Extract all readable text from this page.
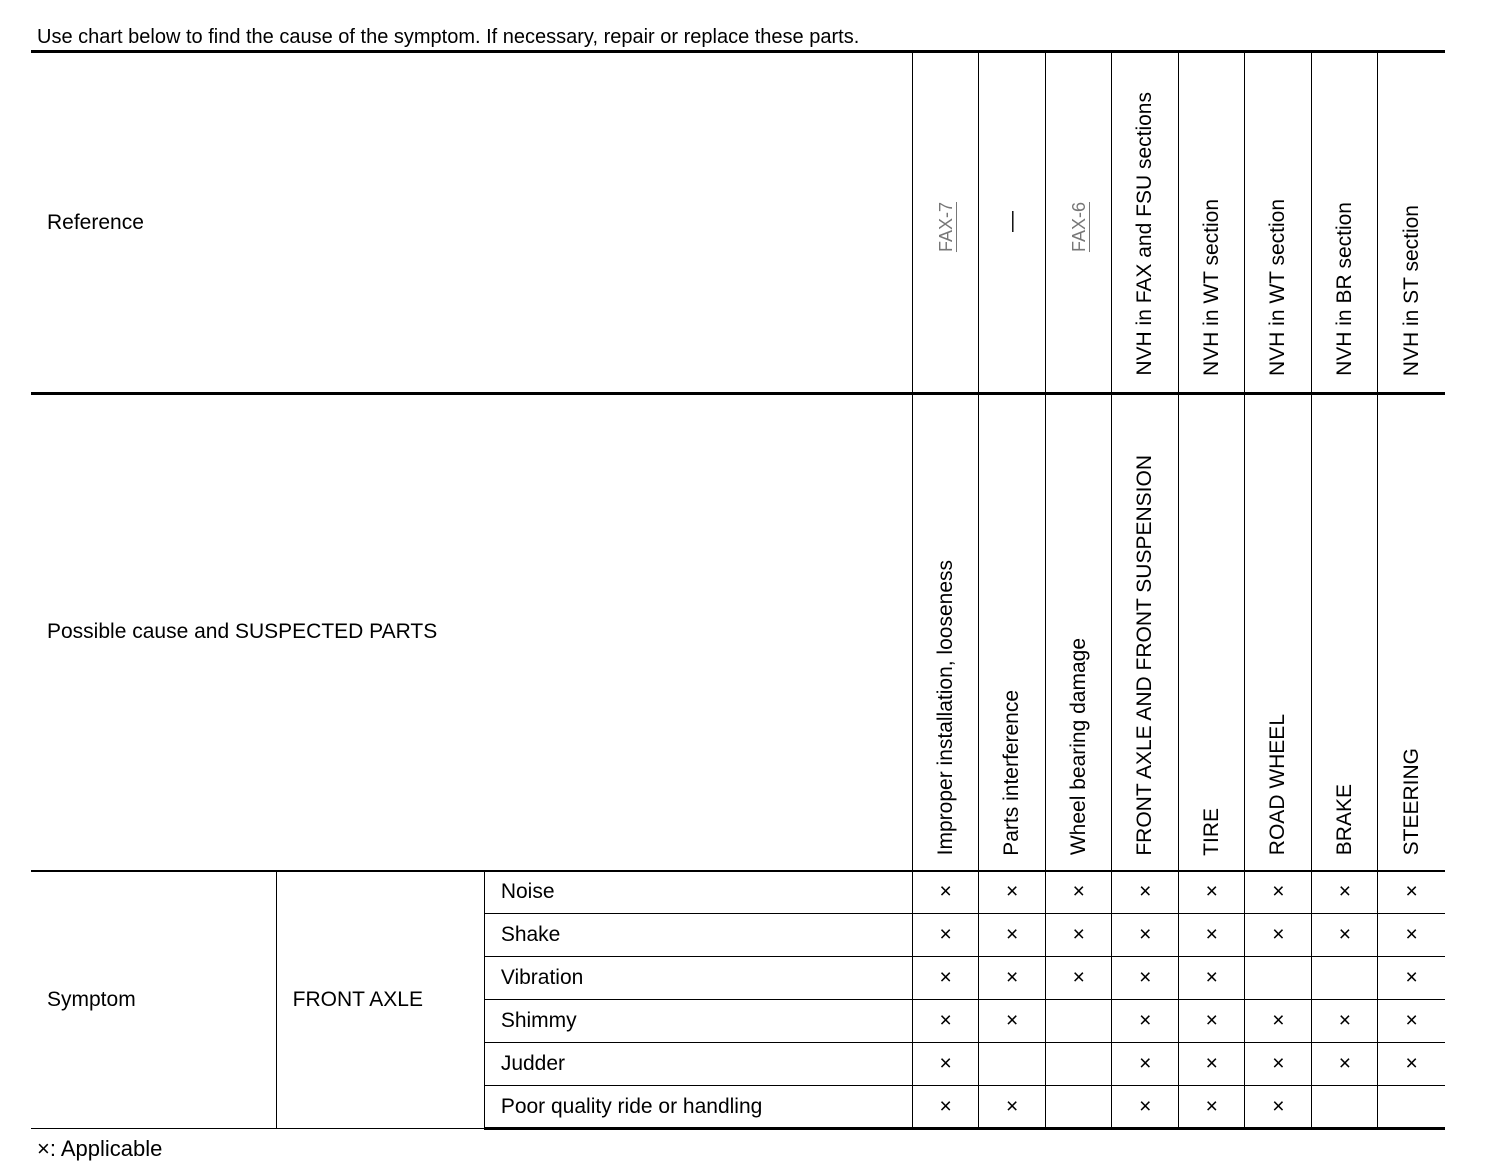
Use chart below to find the cause of the symptom. If necessary, repair or replace these parts.
Reference			FAX-7	—	FAX-6	NVH in FAX and FSU sections	NVH in WT section	NVH in WT section	NVH in BR section	NVH in ST section

Possible cause and SUSPECTED PARTS			Improper installation, looseness	Parts interference	Wheel bearing damage	FRONT AXLE AND FRONT SUSPENSION	TIRE	ROAD WHEEL	BRAKE	STEERING

Symptom	FRONT AXLE	Noise	×	×	×	×	×	×	×	×
		Shake	×	×	×	×	×	×	×	×
		Vibration	×	×	×	×	×			×
		Shimmy	×	×		×	×	×	×	×
		Judder	×			×	×	×	×	×
		Poor quality ride or handling	×	×		×	×	×		
×: Applicable
